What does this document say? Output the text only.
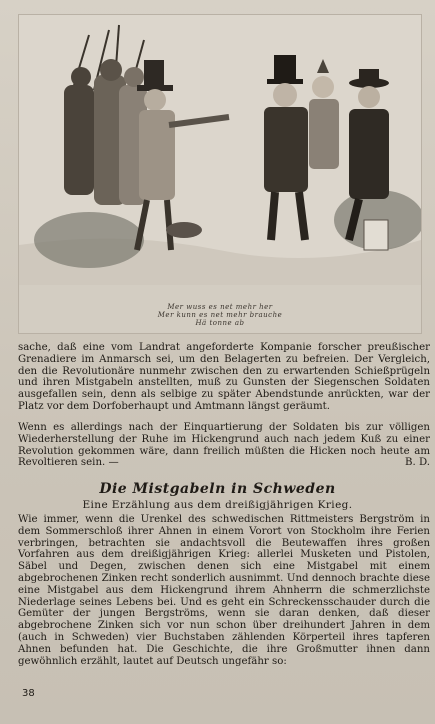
Mer wuss es net mehr her
Mer kunn es net mehr brauche
Hä tonne ab
sache, daß eine vom Landrat angeforderte Kompanie forscher preußischer Grenadiere im Anmarsch sei, um den Belagerten zu befreien. Der Vergleich, den die Revolutionäre nunmehr zwischen den zu erwartenden Schießprügeln und ihren Mistgabeln anstellten, muß zu Gunsten der Siegenschen Soldaten ausgefallen sein, denn als selbige zu später Abendstunde anrückten, war der Platz vor dem Dorfoberhaupt und Amtmann längst geräumt.
Wenn es allerdings nach der Einquartierung der Soldaten bis zur völligen Wiederherstellung der Ruhe im Hickengrund auch nach jedem Kuß zu einer Revolution gekommen wäre, dann freilich müßten die Hicken noch heute am Revoltieren sein. —	B. D.
Die Mistgabeln in Schweden
Eine Erzählung aus dem dreißigjährigen Krieg.
Wie immer, wenn die Urenkel des schwedischen Rittmeisters Bergström in dem Sommerschloß ihrer Ahnen in einem Vorort von Stockholm ihre Ferien verbringen, betrachten sie andachtsvoll die Beutewaffen ihres großen Vorfahren aus dem dreißigjährigen Krieg: allerlei Musketen und Pistolen, Säbel und Degen, zwischen denen sich eine Mistgabel mit einem abgebrochenen Zinken recht sonderlich ausnimmt. Und dennoch brachte diese eine Mistgabel aus dem Hickengrund ihrem Ahnherrn die schmerzlichste Niederlage seines Lebens bei. Und es geht ein Schreckensschauder durch die Gemüter der jungen Bergströms, wenn sie daran denken, daß dieser abgebrochene Zinken sich vor nun schon über dreihundert Jahren in dem (auch in Schweden) vier Buchstaben zählenden Körperteil ihres tapferen Ahnen befunden hat. Die Geschichte, die ihre Großmutter ihnen dann gewöhnlich erzählt, lautet auf Deutsch ungefähr so:
38
